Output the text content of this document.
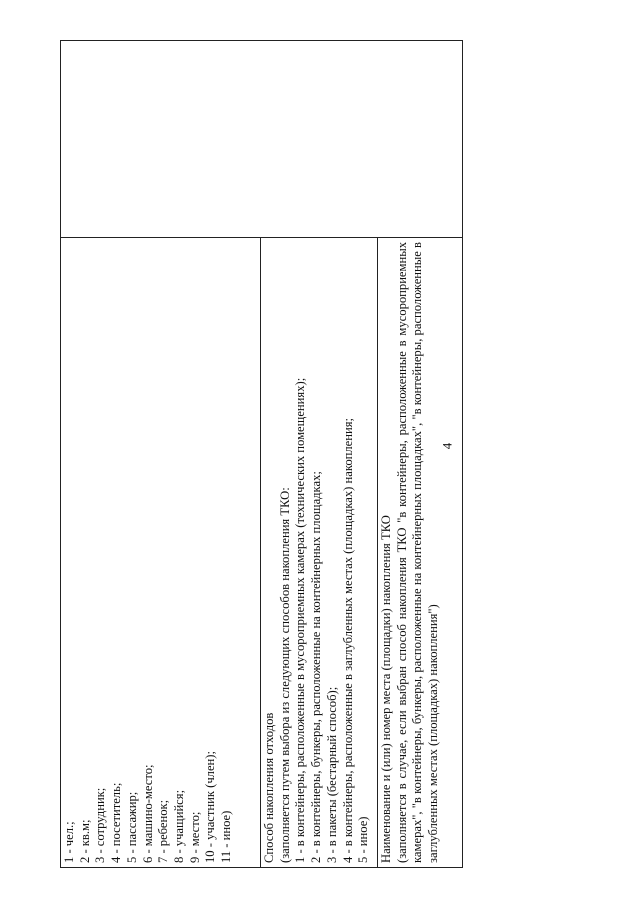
4
1 - чел.; 2 - кв.м; 3 - сотрудник; 4 - посетитель; 5 - пассажир; 6 - машино-место; 7 - ребенок; 8 - учащийся; 9 - место; 10 - участник (член); 11 - иное) Способ накопления отходов (заполняется путем выбора из следующих способов накопления ТКО: 1 - в контейнеры, расположенные в мусороприемных камерах (технических помещениях); 2 - в контейнеры, бункеры, расположенные на контейнерных площадках; 3 - в пакеты (бестарный способ); 4 - в контейнеры, расположенные в заглубленных местах (площадках) накопления; 5 - иное) Наименование и (или) номер места (площадки) накопления ТКО (заполняется в случае, если выбран способ накопления ТКО "в контейнеры, расположенные в мусороприемных камерах", "в контейнеры, бункеры, расположенные на контейнерных площадках", "в контейнеры, расположенные в заглубленных местах (площадках) накопления")
